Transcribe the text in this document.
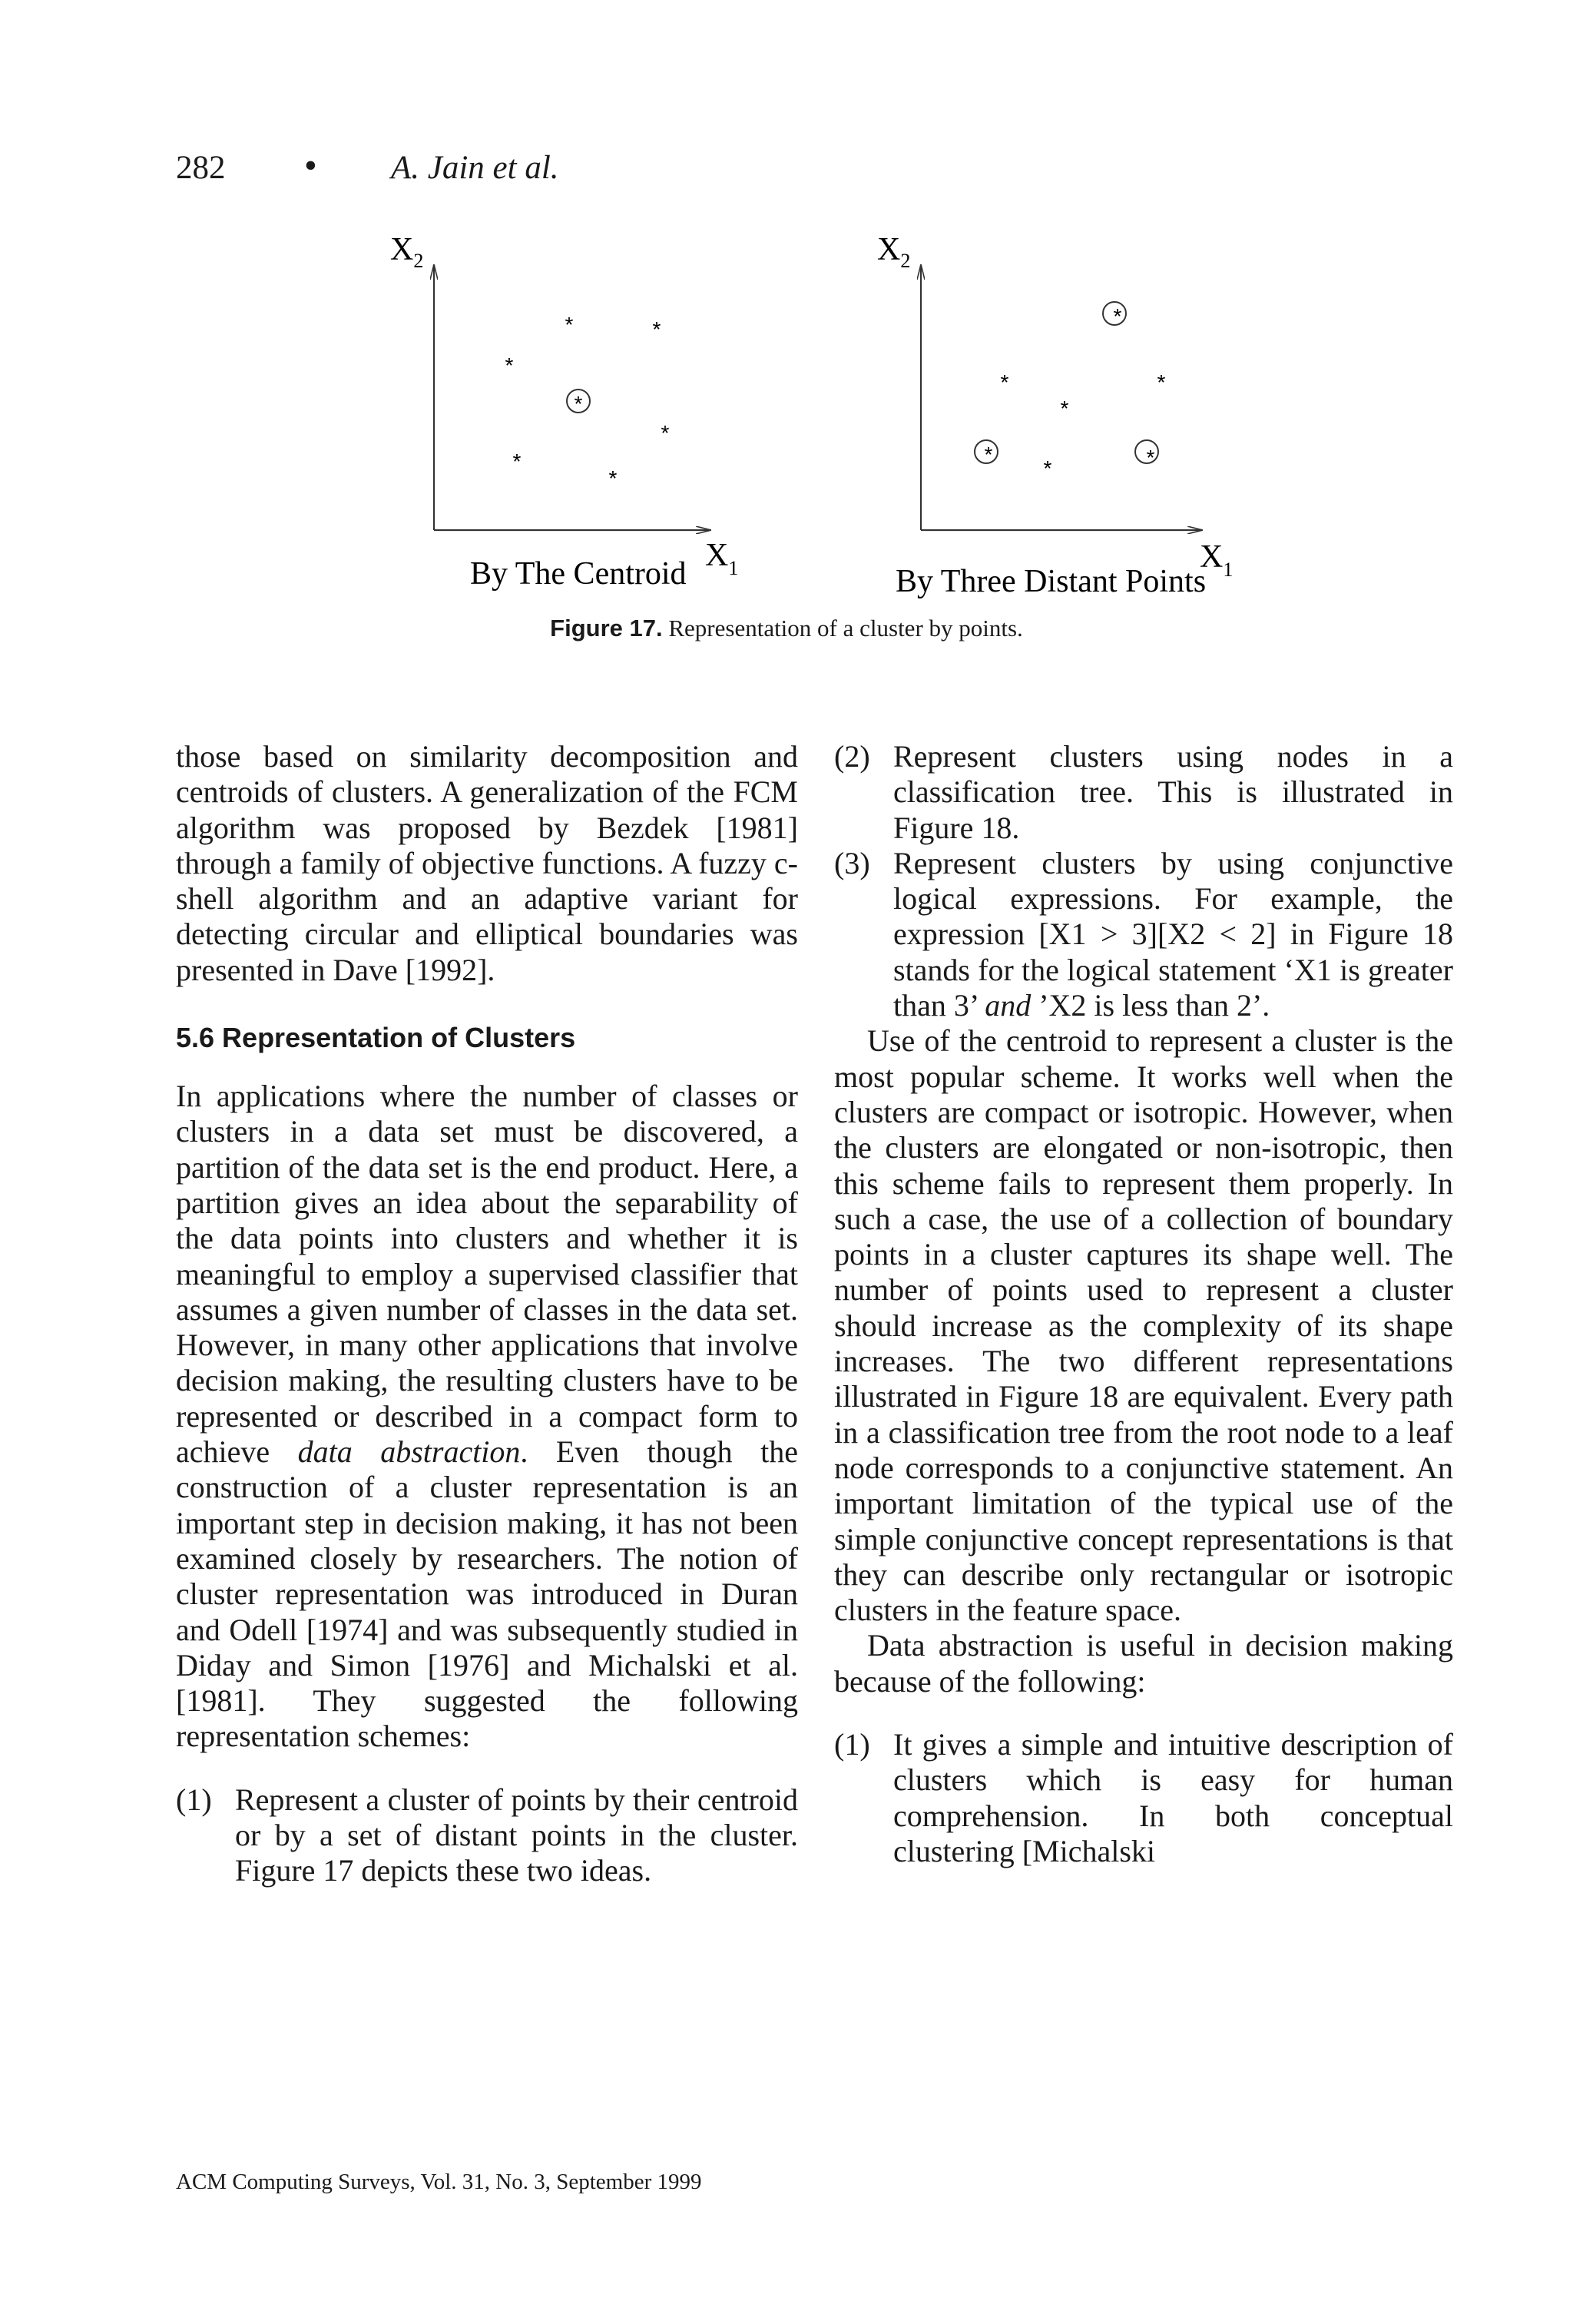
282 • A. Jain et al.
$X_2$
By The Centroid
$X_1$
*	*
*
*
*
*
*
$X_2$
By Three Distant Points
$X_1$
*
*	*
*
*	*
*
Figure 17. Representation of a cluster by points.

those based on similarity decomposition and centroids of clusters. A generalization of the FCM algorithm was proposed by Bezdek [1981] through a family of objective functions. A fuzzy c-shell algorithm and an adaptive variant for detecting circular and elliptical boundaries was presented in Dave [1992].

5.6 Representation of Clusters

In applications where the number of classes or clusters in a data set must be discovered, a partition of the data set is the end product. Here, a partition gives an idea about the separability of the data points into clusters and whether it is meaningful to employ a supervised classifier that assumes a given number of classes in the data set. However, in many other applications that involve decision making, the resulting clusters have to be represented or described in a compact form to achieve data abstraction. Even though the construction of a cluster representation is an important step in decision making, it has not been examined closely by researchers. The notion of cluster representation was introduced in Duran and Odell [1974] and was subsequently studied in Diday and Simon [1976] and Michalski et al. [1981]. They suggested the following representation schemes:

(1) Represent a cluster of points by their centroid or by a set of distant points in the cluster. Figure 17 depicts these two ideas.
(2) Represent clusters using nodes in a classification tree. This is illustrated in Figure 18.
(3) Represent clusters by using conjunctive logical expressions. For example, the expression [X1 > 3][X2 < 2] in Figure 18 stands for the logical statement ‘X1 is greater than 3’ and ’X2 is less than 2’.

Use of the centroid to represent a cluster is the most popular scheme. It works well when the clusters are compact or isotropic. However, when the clusters are elongated or non-isotropic, then this scheme fails to represent them properly. In such a case, the use of a collection of boundary points in a cluster captures its shape well. The number of points used to represent a cluster should increase as the complexity of its shape increases. The two different representations illustrated in Figure 18 are equivalent. Every path in a classification tree from the root node to a leaf node corresponds to a conjunctive statement. An important limitation of the typical use of the simple conjunctive concept representations is that they can describe only rectangular or isotropic clusters in the feature space.

Data abstraction is useful in decision making because of the following:

(1) It gives a simple and intuitive description of clusters which is easy for human comprehension. In both conceptual clustering [Michalski
ACM Computing Surveys, Vol. 31, No. 3, September 1999
